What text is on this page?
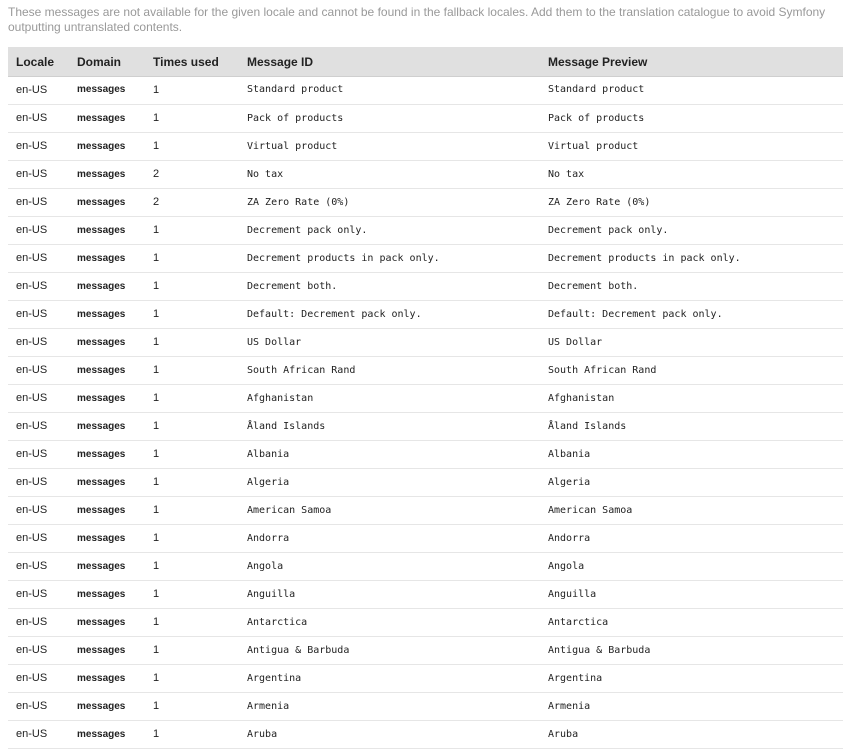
These messages are not available for the given locale and cannot be found in the fallback locales. Add them to the translation catalogue to avoid Symfony outputting untranslated contents.

Locale	Domain	Times used	Message ID	Message Preview
en-US	messages	1	Standard product	Standard product
en-US	messages	1	Pack of products	Pack of products
en-US	messages	1	Virtual product	Virtual product
en-US	messages	2	No tax	No tax
en-US	messages	2	ZA Zero Rate (0%)	ZA Zero Rate (0%)
en-US	messages	1	Decrement pack only.	Decrement pack only.
en-US	messages	1	Decrement products in pack only.	Decrement products in pack only.
en-US	messages	1	Decrement both.	Decrement both.
en-US	messages	1	Default: Decrement pack only.	Default: Decrement pack only.
en-US	messages	1	US Dollar	US Dollar
en-US	messages	1	South African Rand	South African Rand
en-US	messages	1	Afghanistan	Afghanistan
en-US	messages	1	Åland Islands	Åland Islands
en-US	messages	1	Albania	Albania
en-US	messages	1	Algeria	Algeria
en-US	messages	1	American Samoa	American Samoa
en-US	messages	1	Andorra	Andorra
en-US	messages	1	Angola	Angola
en-US	messages	1	Anguilla	Anguilla
en-US	messages	1	Antarctica	Antarctica
en-US	messages	1	Antigua & Barbuda	Antigua & Barbuda
en-US	messages	1	Argentina	Argentina
en-US	messages	1	Armenia	Armenia
en-US	messages	1	Aruba	Aruba
